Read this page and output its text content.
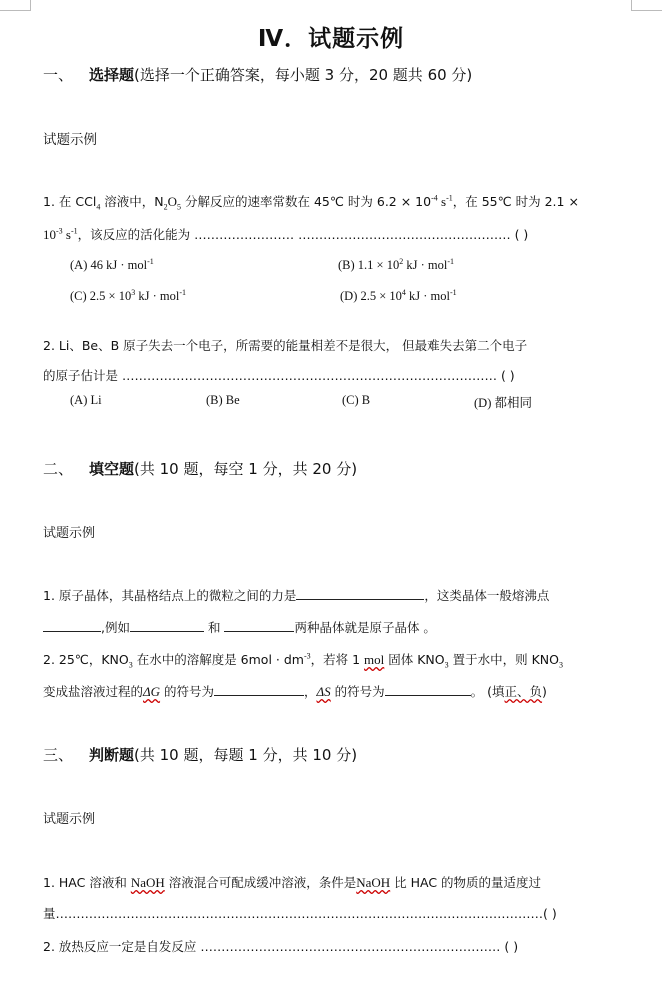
Ⅳ．试题示例
一、 选择题(选择一个正确答案，每小题 3 分，20 题共 60 分)
试题示例
1. 在 CCl$_4$ 溶液中，$N_2O_5$ 分解反应的速率常数在 45℃ 时为 $6.2 \times 10^{-4}$ $s^{-1}$，在 55℃ 时为 2.1 ×
$10^{-3}$ $s^{-1}$，该反应的活化能为 …………………… …………………………………………… ( )
(A) 46 kJ · mol$^{-1}$	(B) $1.1 \times 10^2$ kJ · mol$^{-1}$
(C) $2.5 \times 10^3$ kJ · mol$^{-1}$	(D) $2.5 \times 10^4$ kJ · mol$^{-1}$
2. Li、Be、B 原子失去一个电子，所需要的能量相差不是很大， 但最难失去第二个电子
的原子估计是 ……………………………………………………………………………… ( )
(A) Li	(B) Be	(C) B	(D) 都相同
二、 填空题(共 10 题，每空 1 分，共 20 分)
试题示例
1. 原子晶体，其晶格结点上的微粒之间的力是	，这类晶体一般熔沸点
,例如	和	两种晶体就是原子晶体 。
2. 25℃，$KNO_3$ 在水中的溶解度是 $6mol \cdot dm^{-3}$，若将 1 mol 固体 $KNO_3$ 置于水中，则 $KNO_3$
变成盐溶液过程的ΔG 的符号为	，ΔS 的符号为	。 (填正、负)
三、 判断题(共 10 题，每题 1 分，共 10 分)
试题示例
1. HAC 溶液和 NaOH 溶液混合可配成缓冲溶液，条件是NaOH 比 HAC 的物质的量适度过
量………………………………………………………………………………………………………( )
2. 放热反应一定是自发反应 ……………………………………………………………… ( )
